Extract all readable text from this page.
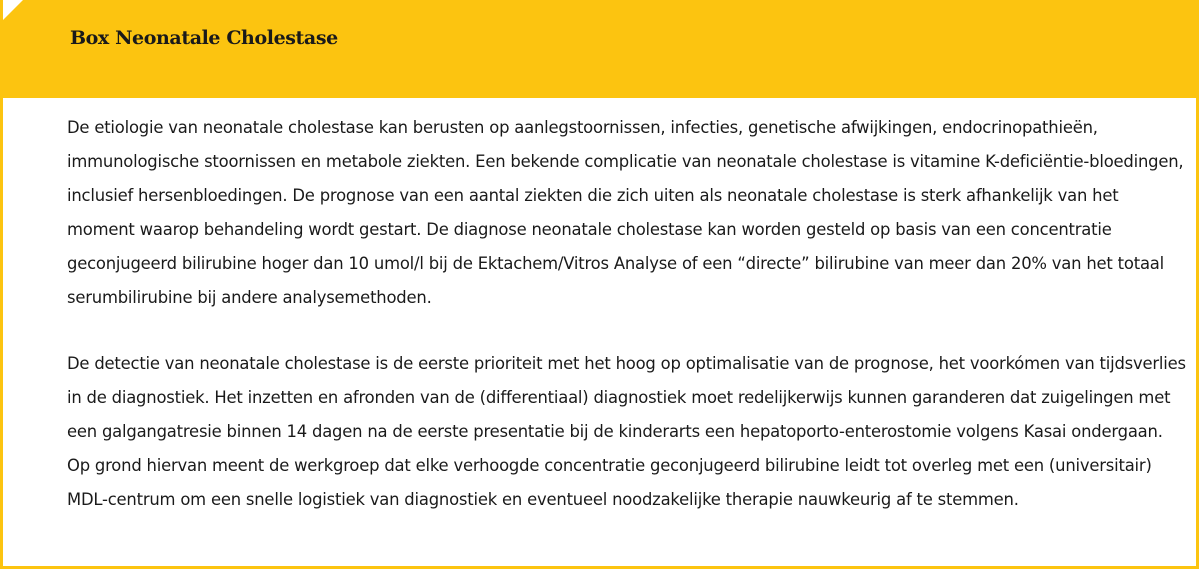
Box Neonatale Cholestase

De etiologie van neonatale cholestase kan berusten op aanlegstoornissen, infecties, genetische afwijkingen, endocrinopathieën, immunologische stoornissen en metabole ziekten. Een bekende complicatie van neonatale cholestase is vitamine K-deficiëntie-bloedingen, inclusief hersenbloedingen. De prognose van een aantal ziekten die zich uiten als neonatale cholestase is sterk afhankelijk van het moment waarop behandeling wordt gestart. De diagnose neonatale cholestase kan worden gesteld op basis van een concentratie geconjugeerd bilirubine hoger dan 10 umol/l bij de Ektachem/Vitros Analyse of een “directe” bilirubine van meer dan 20% van het totaal serumbilirubine bij andere analysemethoden.

De detectie van neonatale cholestase is de eerste prioriteit met het hoog op optimalisatie van de prognose, het voorkómen van tijdsverlies in de diagnostiek. Het inzetten en afronden van de (differentiaal) diagnostiek moet redelijkerwijs kunnen garanderen dat zuigelingen met een galgangatresie binnen 14 dagen na de eerste presentatie bij de kinderarts een hepatoporto-enterostomie volgens Kasai ondergaan. Op grond hiervan meent de werkgroep dat elke verhoogde concentratie geconjugeerd bilirubine leidt tot overleg met een (universitair) MDL-centrum om een snelle logistiek van diagnostiek en eventueel noodzakelijke therapie nauwkeurig af te stemmen.
